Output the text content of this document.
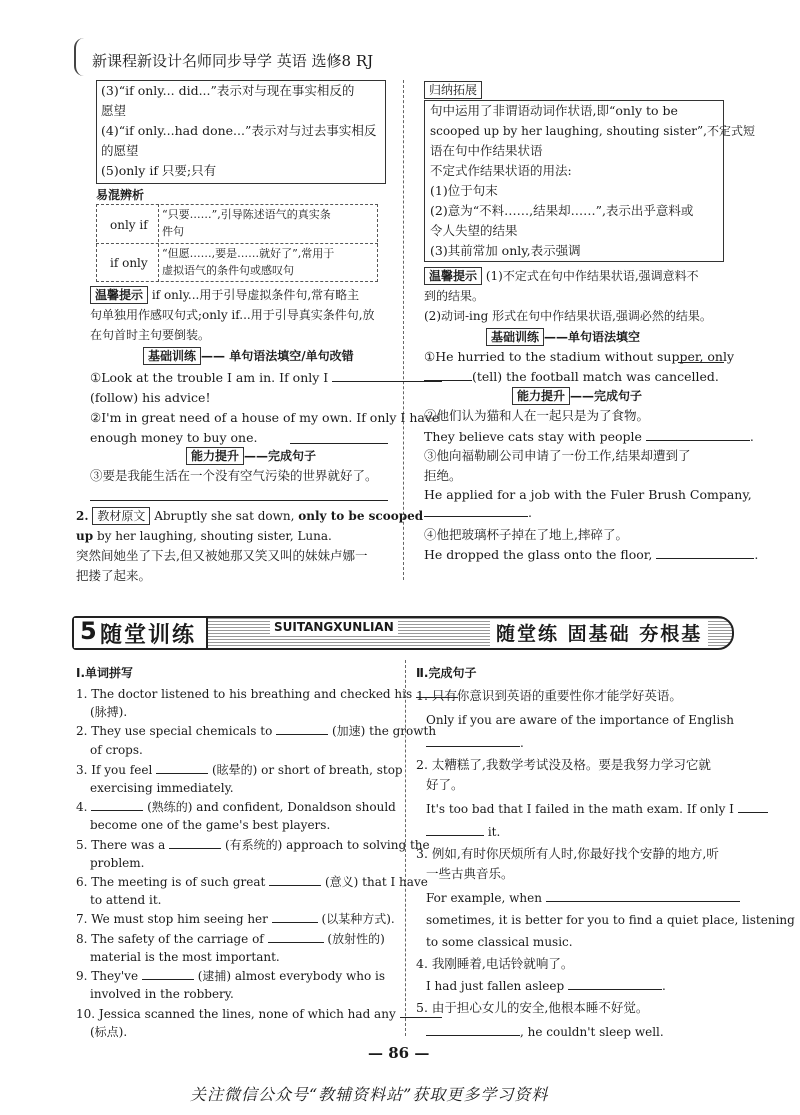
新课程新设计名师同步导学 英语 选修8 RJ
(3)“if only... did...”表示对与现在事实相反的
愿望
(4)“if only...had done...”表示对与过去事实相反
的愿望
(5)only if 只要;只有
易混辨析
only if
“只要……”,引导陈述语气的真实条
件句
if only
“但愿……,要是……就好了”,常用于
虚拟语气的条件句或感叹句
温馨提示 if only...用于引导虚拟条件句,常有略主
句单独用作感叹句式;only if...用于引导真实条件句,放
在句首时主句要倒装。
基础训练 —— 单句语法填空/单句改错
①Look at the trouble I am in. If only I
(follow) his advice!
②I'm in great need of a house of my own. If only I have
enough money to buy one.
能力提升 ——完成句子
③要是我能生活在一个没有空气污染的世界就好了。
2. 教材原文 Abruptly she sat down, only to be scooped
up by her laughing, shouting sister, Luna.
突然间她坐了下去,但又被她那又笑又叫的妹妹卢娜一
把搂了起来。
归纳拓展
句中运用了非谓语动词作状语,即“only to be
scooped up by her laughing, shouting sister”,不定式短
语在句中作结果状语
不定式作结果状语的用法:
(1)位于句末
(2)意为“不料……,结果却……”,表示出乎意料或
令人失望的结果
(3)其前常加 only,表示强调
温馨提示 (1)不定式在句中作结果状语,强调意料不
到的结果。
(2)动词-ing 形式在句中作结果状语,强调必然的结果。
基础训练 ——单句语法填空
①He hurried to the stadium without supper, only
(tell) the football match was cancelled.
能力提升 ——完成句子
②他们认为猫和人在一起只是为了食物。
They believe cats stay with people	.
③他向福勒刷公司申请了一份工作,结果却遭到了
拒绝。
He applied for a job with the Fuler Brush Company,
.
④他把玻璃杯子掉在了地上,摔碎了。
He dropped the glass onto the floor,	.
5 随堂训练	SUITANGXUNLIAN	随堂练 固基础 夯根基
Ⅰ.单词拼写
1. The doctor listened to his breathing and checked his
(脉搏).
2. They use special chemicals to	(加速) the growth
of crops.
3. If you feel	(眩晕的) or short of breath, stop
exercising immediately.
4.	(熟练的) and confident, Donaldson should
become one of the game's best players.
5. There was a	(有系统的) approach to solving the
problem.
6. The meeting is of such great	(意义) that I have
to attend it.
7. We must stop him seeing her	(以某种方式).
8. The safety of the carriage of	(放射性的)
material is the most important.
9. They've	(逮捕) almost everybody who is
involved in the robbery.
10. Jessica scanned the lines, none of which had any
(标点).
Ⅱ.完成句子
1. 只有你意识到英语的重要性你才能学好英语。
Only if you are aware of the importance of English
.
2. 太糟糕了,我数学考试没及格。要是我努力学习它就
好了。
It's too bad that I failed in the math exam. If only I
it.
3. 例如,有时你厌烦所有人时,你最好找个安静的地方,听
一些古典音乐。
For example, when
sometimes, it is better for you to find a quiet place, listening
to some classical music.
4. 我刚睡着,电话铃就响了。
I had just fallen asleep	.
5. 由于担心女儿的安全,他根本睡不好觉。
, he couldn't sleep well.
— 86 —
关注微信公众号“教辅资料站”获取更多学习资料
